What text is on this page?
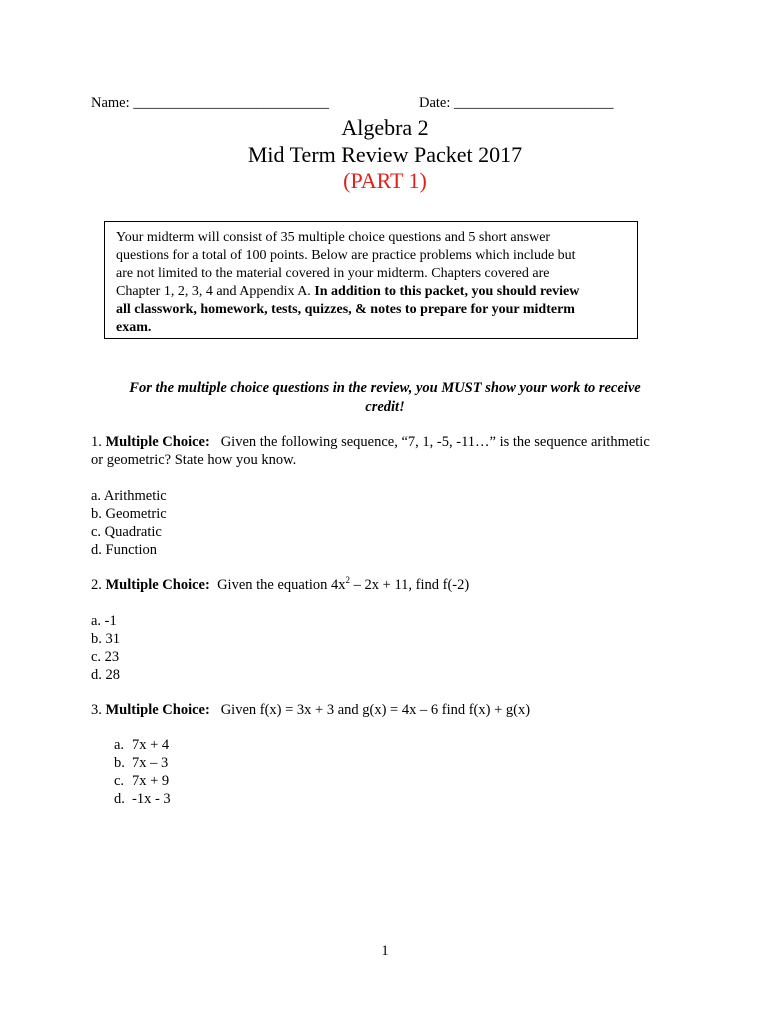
Name: ___________________________	Date: ______________________
Algebra 2
Mid Term Review Packet 2017
(PART 1)
Your midterm will consist of 35 multiple choice questions and 5 short answer
questions for a total of 100 points. Below are practice problems which include but
are not limited to the material covered in your midterm. Chapters covered are
Chapter 1, 2, 3, 4 and Appendix A. In addition to this packet, you should review
all classwork, homework, tests, quizzes, & notes to prepare for your midterm
exam.
For the multiple choice questions in the review, you MUST show your work to receive
credit!
1. Multiple Choice: Given the following sequence, “7, 1, -5, -11…” is the sequence arithmetic
or geometric? State how you know.
a. Arithmetic
b. Geometric
c. Quadratic
d. Function
2. Multiple Choice: Given the equation $4x^2 - 2x + 11$, find f(-2)
a. -1
b. 31
c. 23
d. 28
3. Multiple Choice: Given f(x) = 3x + 3 and g(x) = 4x – 6 find f(x) + g(x)
a. 7x + 4
b. 7x – 3
c. 7x + 9
d. -1x - 3
1
